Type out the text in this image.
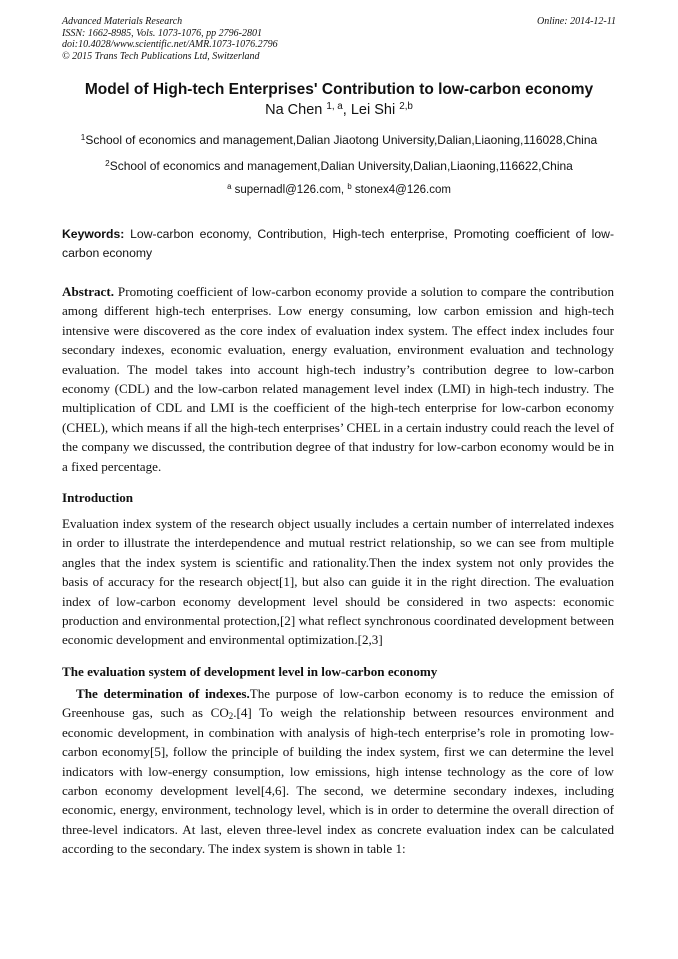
Advanced Materials Research
ISSN: 1662-8985, Vols. 1073-1076, pp 2796-2801
doi:10.4028/www.scientific.net/AMR.1073-1076.2796
© 2015 Trans Tech Publications Ltd, Switzerland
Online: 2014-12-11
Model of High-tech Enterprises' Contribution to low-carbon economy
Na Chen $^{1, a}$, Lei Shi $^{2,b}$
$^1$School of economics and management,Dalian Jiaotong University,Dalian,Liaoning,116028,China
$^2$School of economics and management,Dalian University,Dalian,Liaoning,116622,China
$^a$ supernadl@126.com, $^b$ stonex4@126.com
Keywords: Low-carbon economy, Contribution, High-tech enterprise, Promoting coefficient of low-carbon economy
Abstract. Promoting coefficient of low-carbon economy provide a solution to compare the contribution among different high-tech enterprises. Low energy consuming, low carbon emission and high-tech intensive were discovered as the core index of evaluation index system. The effect index includes four secondary indexes, economic evaluation, energy evaluation, environment evaluation and technology evaluation. The model takes into account high-tech industry’s contribution degree to low-carbon economy (CDL) and the low-carbon related management level index (LMI) in high-tech industry. The multiplication of CDL and LMI is the coefficient of the high-tech enterprise for low-carbon economy (CHEL), which means if all the high-tech enterprises’ CHEL in a certain industry could reach the level of the company we discussed, the contribution degree of that industry for low-carbon economy would be in a fixed percentage.
Introduction
Evaluation index system of the research object usually includes a certain number of interrelated indexes in order to illustrate the interdependence and mutual restrict relationship, so we can see from multiple angles that the index system is scientific and rationality.Then the index system not only provides the basis of accuracy for the research object[1], but also can guide it in the right direction. The evaluation index of low-carbon economy development level should be considered in two aspects: economic production and environmental protection,[2] what reflect synchronous coordinated development between economic development and environmental optimization.[2,3]
The evaluation system of development level in low-carbon economy
The determination of indexes.The purpose of low-carbon economy is to reduce the emission of Greenhouse gas, such as $CO_2.[4]$ To weigh the relationship between resources environment and economic development, in combination with analysis of high-tech enterprise’s role in promoting low-carbon economy[5], follow the principle of building the index system, first we can determine the level indicators with low-energy consumption, low emissions, high intense technology as the core of low carbon economy development level[4,6]. The second, we determine secondary indexes, including economic, energy, environment, technology level, which is in order to determine the overall direction of three-level indicators. At last, eleven three-level index as concrete evaluation index can be calculated according to the secondary. The index system is shown in table 1:
